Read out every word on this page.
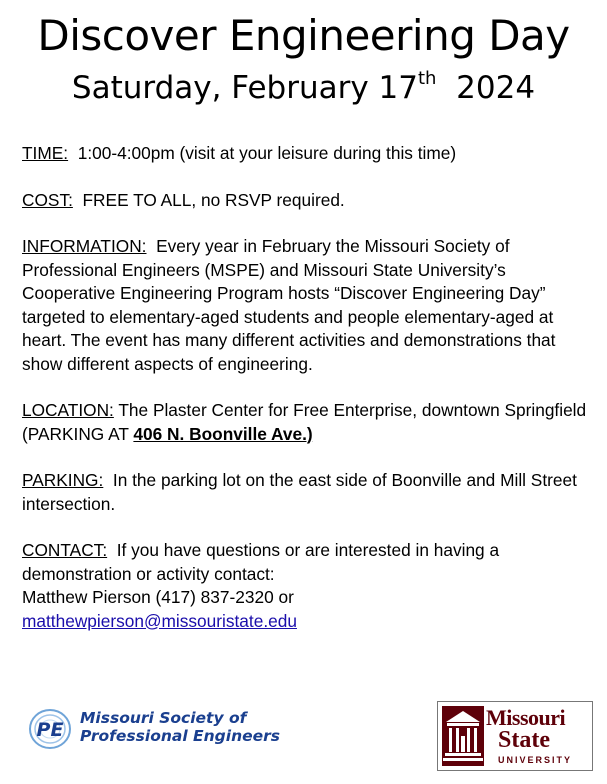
Discover Engineering Day
Saturday, February 17th 2024

TIME: 1:00-4:00pm (visit at your leisure during this time)

COST: FREE TO ALL, no RSVP required.

INFORMATION: Every year in February the Missouri Society of Professional Engineers (MSPE) and Missouri State University’s Cooperative Engineering Program hosts “Discover Engineering Day” targeted to elementary-aged students and people elementary-aged at heart. The event has many different activities and demonstrations that show different aspects of engineering.

LOCATION: The Plaster Center for Free Enterprise, downtown Springfield (PARKING AT 406 N. Boonville Ave.)

PARKING: In the parking lot on the east side of Boonville and Mill Street intersection.

CONTACT: If you have questions or are interested in having a demonstration or activity contact:
Matthew Pierson (417) 837-2320 or
matthewpierson@missouristate.edu

PE
Missouri Society of
Professional Engineers
Missouri
State
UNIVERSITY
